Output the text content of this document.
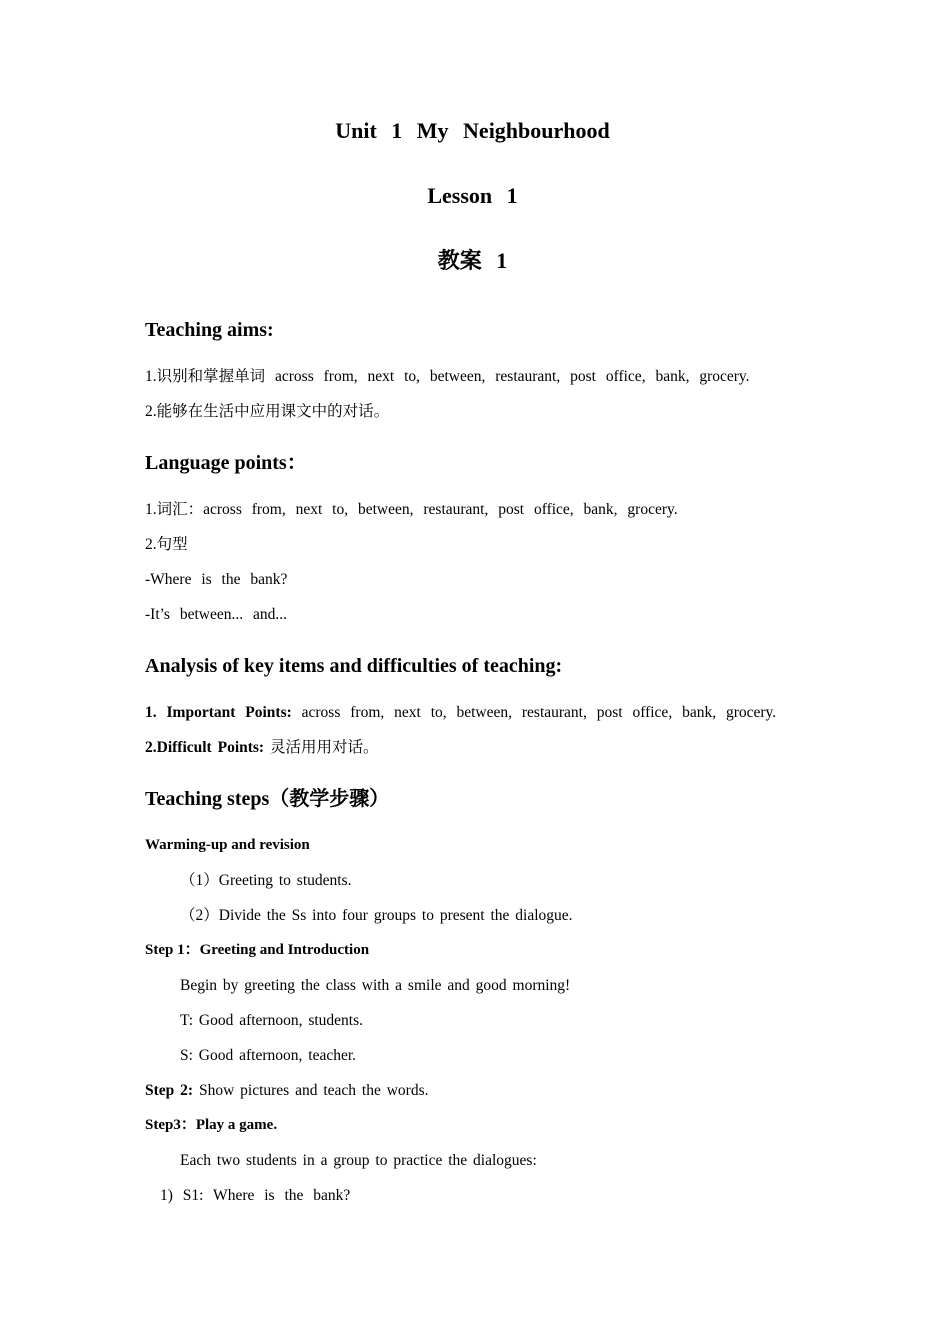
Unit 1 My Neighbourhood

Lesson 1

教案 1

Teaching aims:

1.识别和掌握单词 across from, next to, between, restaurant, post office, bank, grocery.

2.能够在生活中应用课文中的对话。

Language points：

1.词汇：across from, next to, between, restaurant, post office, bank, grocery.

2.句型

-Where is the bank?

-It’s between... and...

Analysis of key items and difficulties of teaching:

1. Important Points: across from, next to, between, restaurant, post office, bank, grocery.

2.Difficult Points: 灵活用用对话。

Teaching steps（教学步骤）

Warming-up and revision

（1）Greeting to students.

（2）Divide the Ss into four groups to present the dialogue.

Step 1：Greeting and Introduction

Begin by greeting the class with a smile and good morning!

T: Good afternoon, students.

S: Good afternoon, teacher.

Step 2: Show pictures and teach the words.

Step3：Play a game.

Each two students in a group to practice the dialogues:

1) S1: Where is the bank?
